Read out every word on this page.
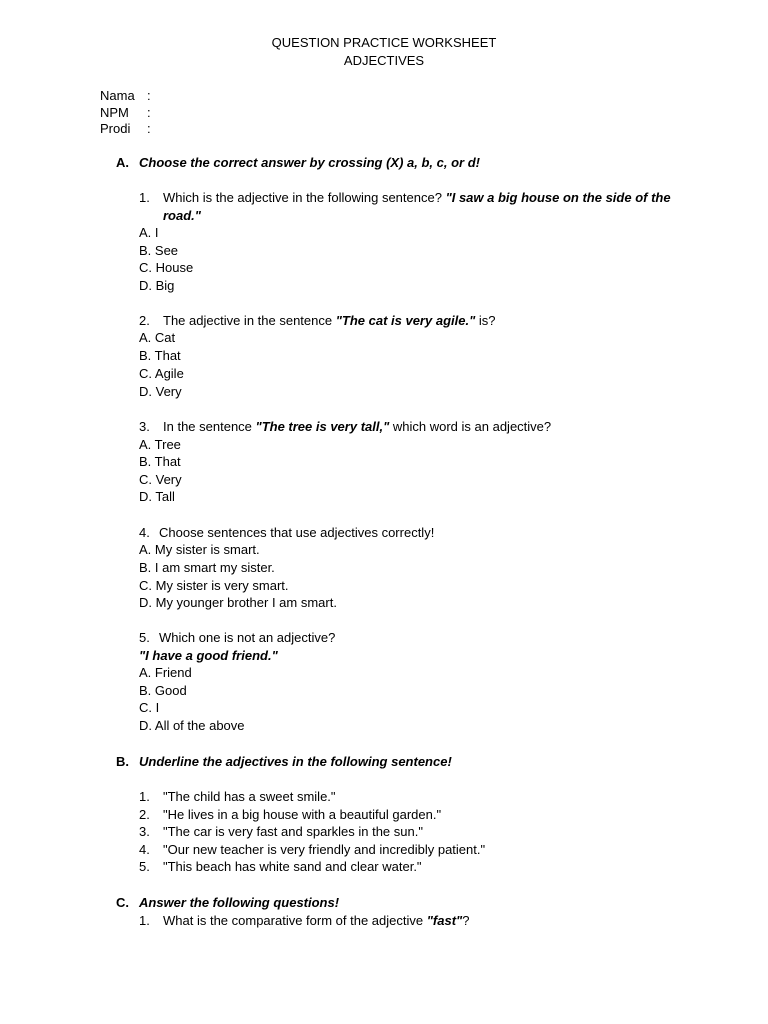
QUESTION PRACTICE WORKSHEET
ADJECTIVES
Nama :
NPM :
Prodi :
A. Choose the correct answer by crossing (X) a, b, c, or d!
1. Which is the adjective in the following sentence? "I saw a big house on the side of the
road."
A. I
B. See
C. House
D. Big
2. The adjective in the sentence "The cat is very agile." is?
A. Cat
B. That
C. Agile
D. Very
3. In the sentence "The tree is very tall," which word is an adjective?
A. Tree
B. That
C. Very
D. Tall
4. Choose sentences that use adjectives correctly!
A. My sister is smart.
B. I am smart my sister.
C. My sister is very smart.
D. My younger brother I am smart.
5. Which one is not an adjective?
"I have a good friend."
A. Friend
B. Good
C. I
D. All of the above
B. Underline the adjectives in the following sentence!
1. "The child has a sweet smile."
2. "He lives in a big house with a beautiful garden."
3. "The car is very fast and sparkles in the sun."
4. "Our new teacher is very friendly and incredibly patient."
5. "This beach has white sand and clear water."
C. Answer the following questions!
1. What is the comparative form of the adjective "fast"?
